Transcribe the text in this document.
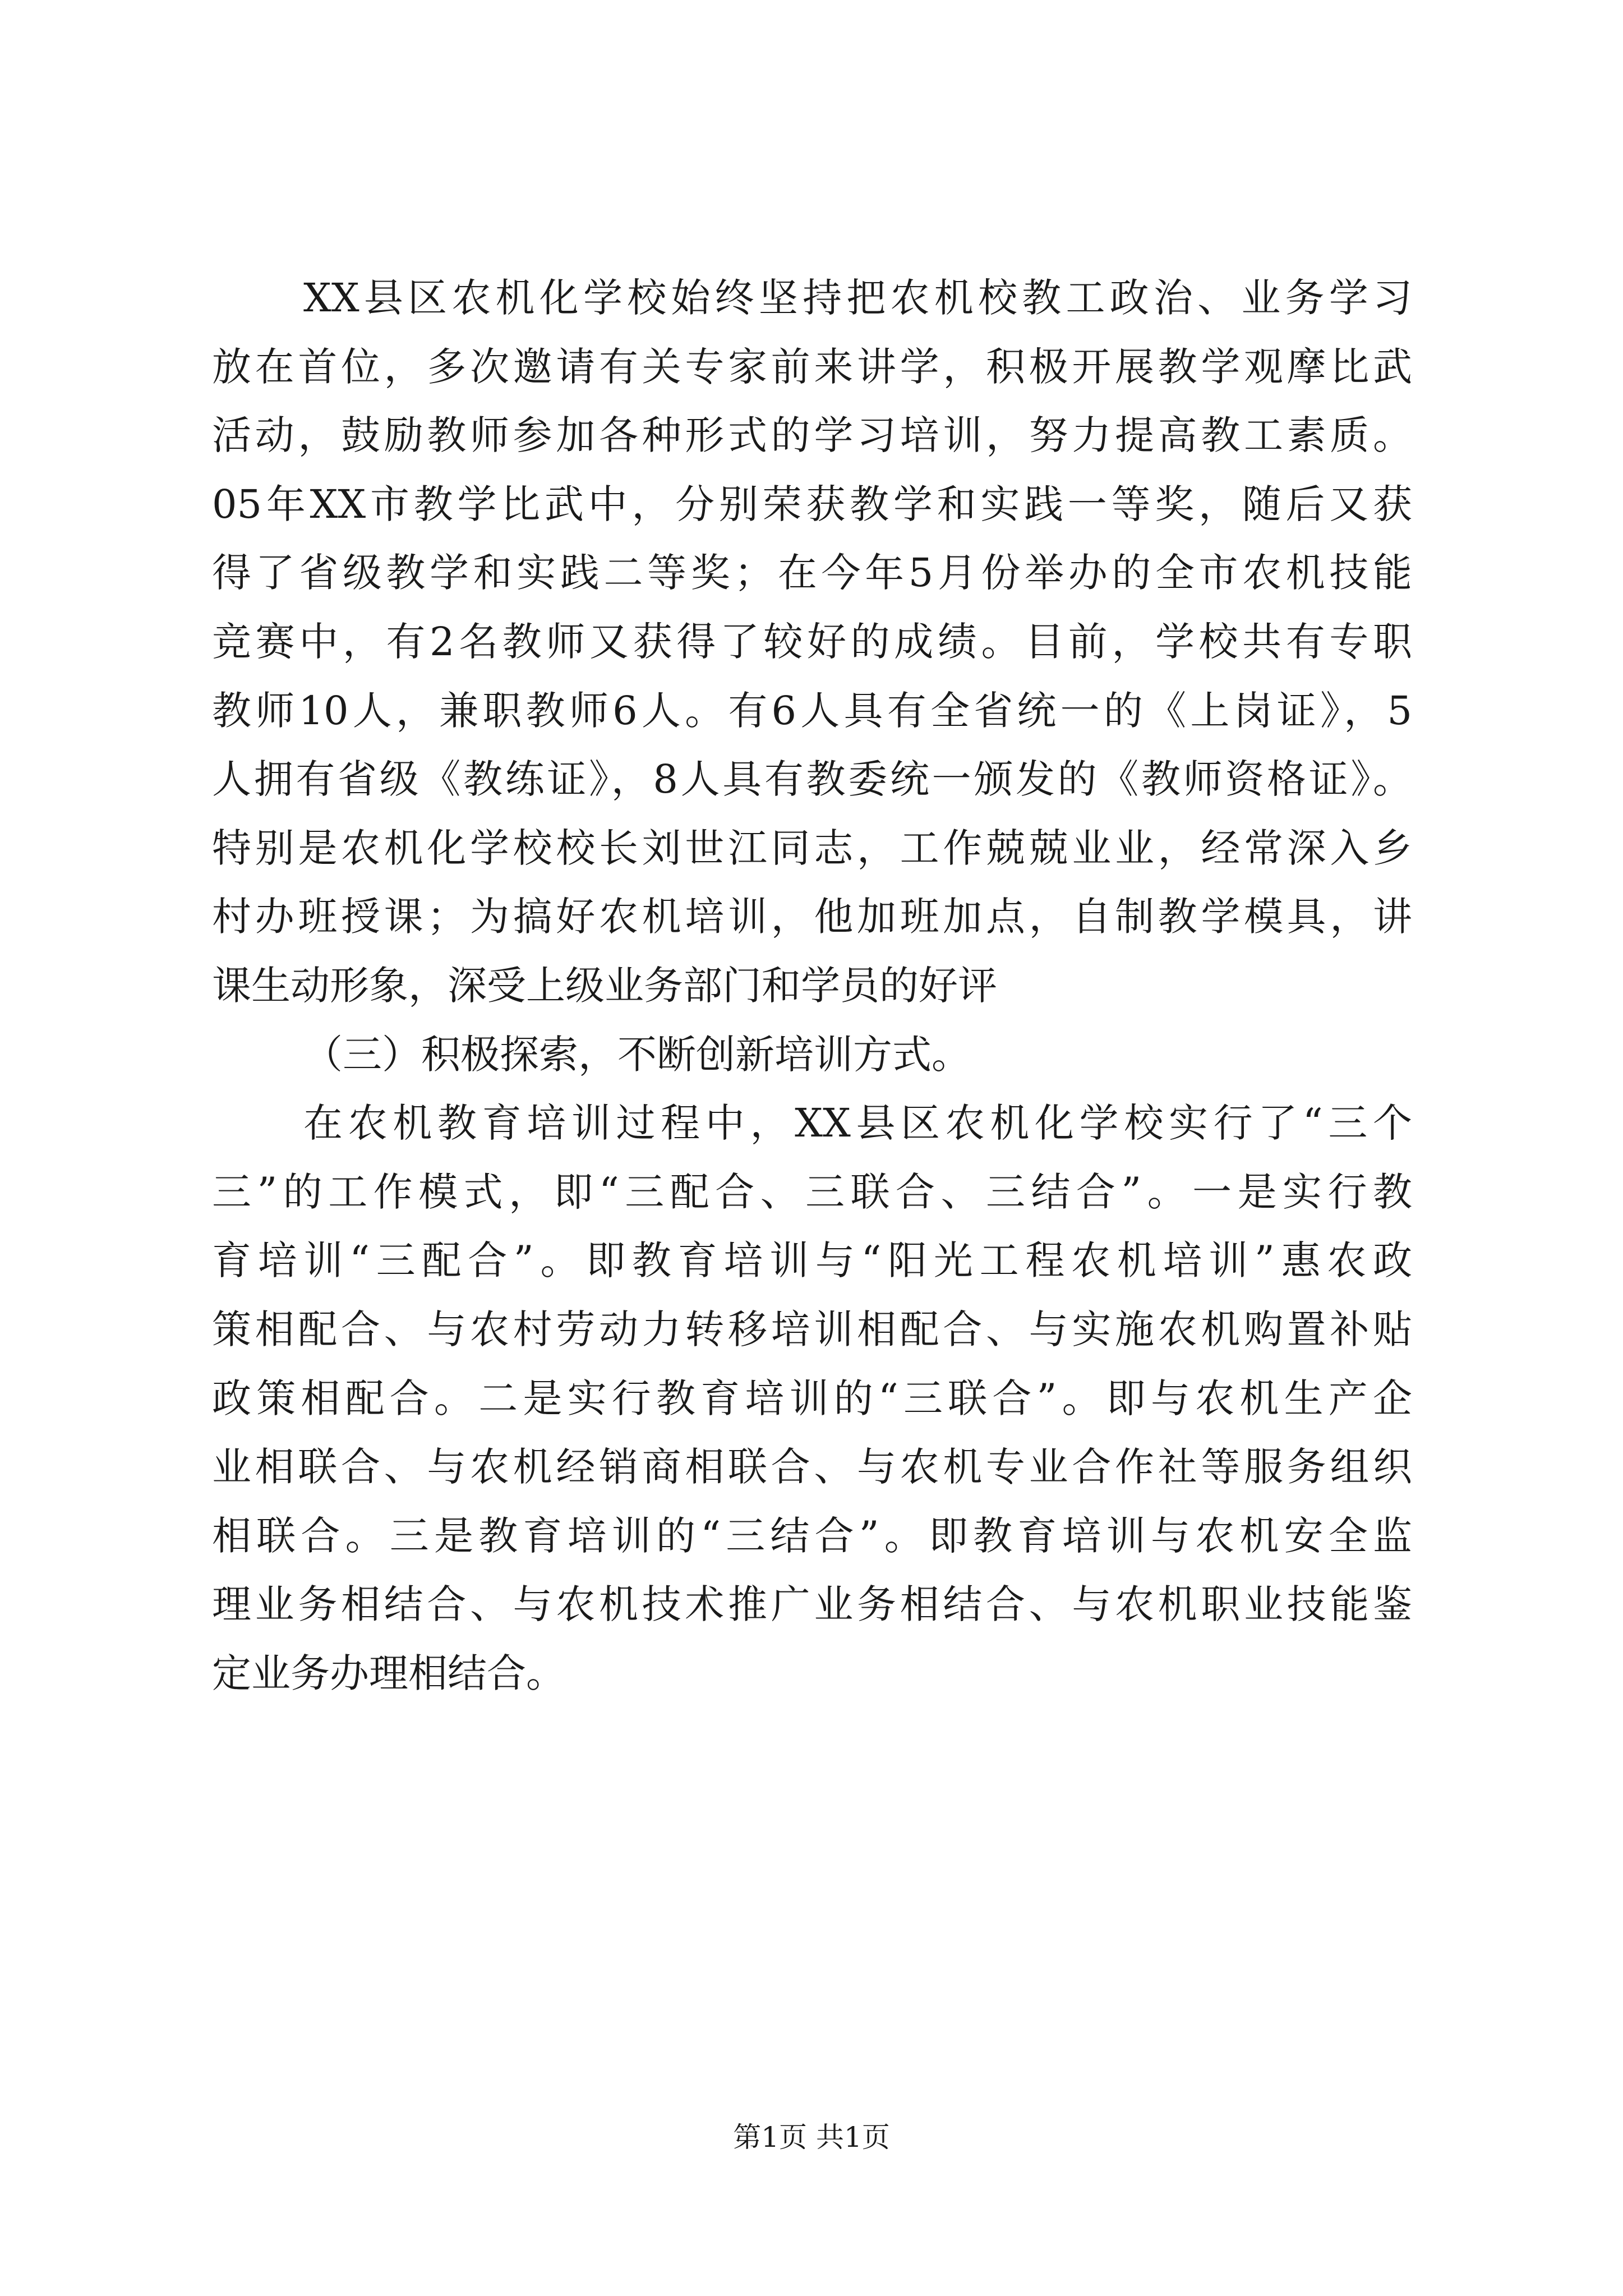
XX县区农机化学校始终坚持把农机校教工政治、业务学习
放在首位，多次邀请有关专家前来讲学，积极开展教学观摩比武
活动，鼓励教师参加各种形式的学习培训，努力提高教工素质。
05年XX市教学比武中，分别荣获教学和实践一等奖，随后又获
得了省级教学和实践二等奖；在今年5月份举办的全市农机技能
竞赛中，有2名教师又获得了较好的成绩。目前，学校共有专职
教师10人，兼职教师6人。有6人具有全省统一的《上岗证》，5
人拥有省级《教练证》，8人具有教委统一颁发的《教师资格证》。
特别是农机化学校校长刘世江同志，工作兢兢业业，经常深入乡
村办班授课；为搞好农机培训，他加班加点，自制教学模具，讲
课生动形象，深受上级业务部门和学员的好评
（三）积极探索，不断创新培训方式。
在农机教育培训过程中，XX县区农机化学校实行了“三个
三”的工作模式，即“三配合、三联合、三结合”。一是实行教
育培训“三配合”。即教育培训与“阳光工程农机培训”惠农政
策相配合、与农村劳动力转移培训相配合、与实施农机购置补贴
政策相配合。二是实行教育培训的“三联合”。即与农机生产企
业相联合、与农机经销商相联合、与农机专业合作社等服务组织
相联合。三是教育培训的“三结合”。即教育培训与农机安全监
理业务相结合、与农机技术推广业务相结合、与农机职业技能鉴
定业务办理相结合。
第1页 共1页
